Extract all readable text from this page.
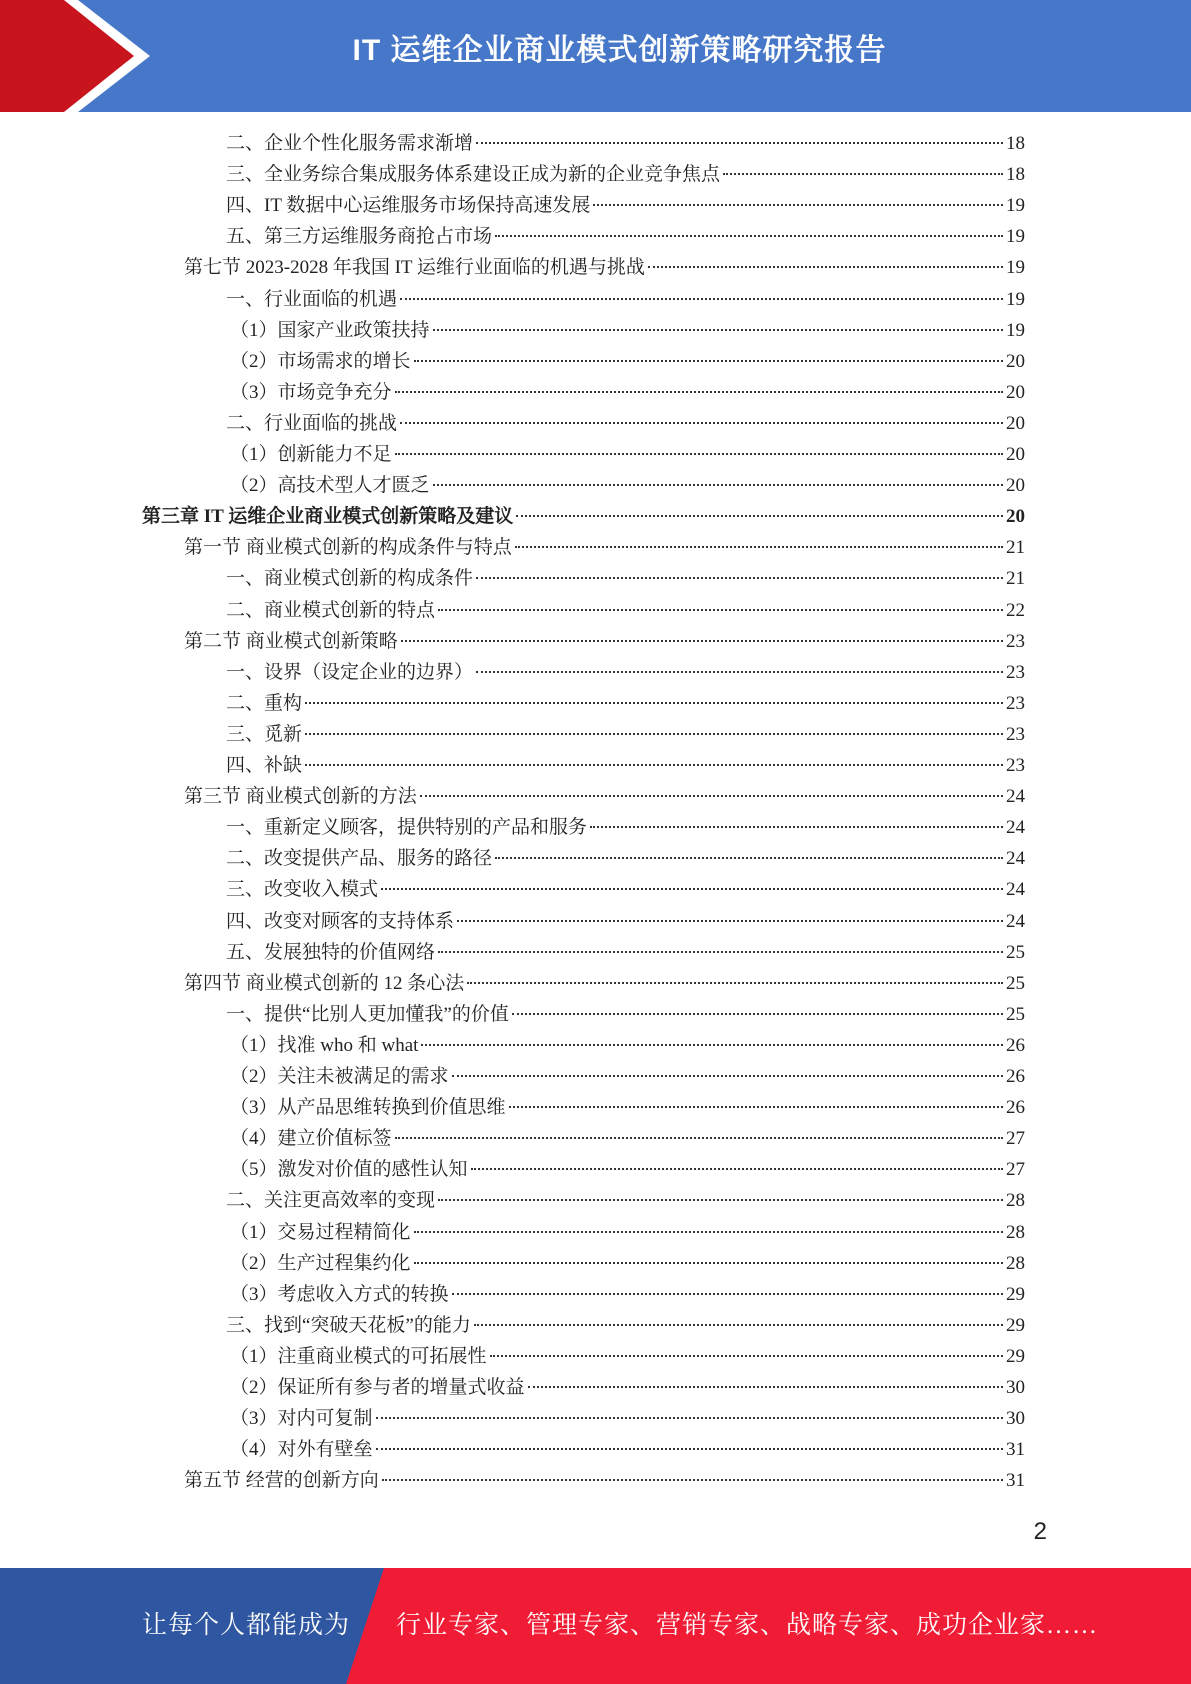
IT 运维企业商业模式创新策略研究报告
二、企业个性化服务需求渐增	18
三、全业务综合集成服务体系建设正成为新的企业竞争焦点	18
四、IT 数据中心运维服务市场保持高速发展	19
五、第三方运维服务商抢占市场	19
第七节 2023-2028 年我国 IT 运维行业面临的机遇与挑战	19
一、行业面临的机遇	19
（1）国家产业政策扶持	19
（2）市场需求的增长	20
（3）市场竞争充分	20
二、行业面临的挑战	20
（1）创新能力不足	20
（2）高技术型人才匮乏	20
第三章 IT 运维企业商业模式创新策略及建议	20
第一节 商业模式创新的构成条件与特点	21
一、商业模式创新的构成条件	21
二、商业模式创新的特点	22
第二节 商业模式创新策略	23
一、设界（设定企业的边界）	23
二、重构	23
三、觅新	23
四、补缺	23
第三节 商业模式创新的方法	24
一、重新定义顾客，提供特别的产品和服务	24
二、改变提供产品、服务的路径	24
三、改变收入模式	24
四、改变对顾客的支持体系	24
五、发展独特的价值网络	25
第四节 商业模式创新的 12 条心法	25
一、提供“比别人更加懂我”的价值	25
（1）找准 who 和 what	26
（2）关注未被满足的需求	26
（3）从产品思维转换到价值思维	26
（4）建立价值标签	27
（5）激发对价值的感性认知	27
二、关注更高效率的变现	28
（1）交易过程精简化	28
（2）生产过程集约化	28
（3）考虑收入方式的转换	29
三、找到“突破天花板”的能力	29
（1）注重商业模式的可拓展性	29
（2）保证所有参与者的增量式收益	30
（3）对内可复制	30
（4）对外有壁垒	31
第五节 经营的创新方向	31
2
让每个人都能成为 行业专家、管理专家、营销专家、战略专家、成功企业家……
